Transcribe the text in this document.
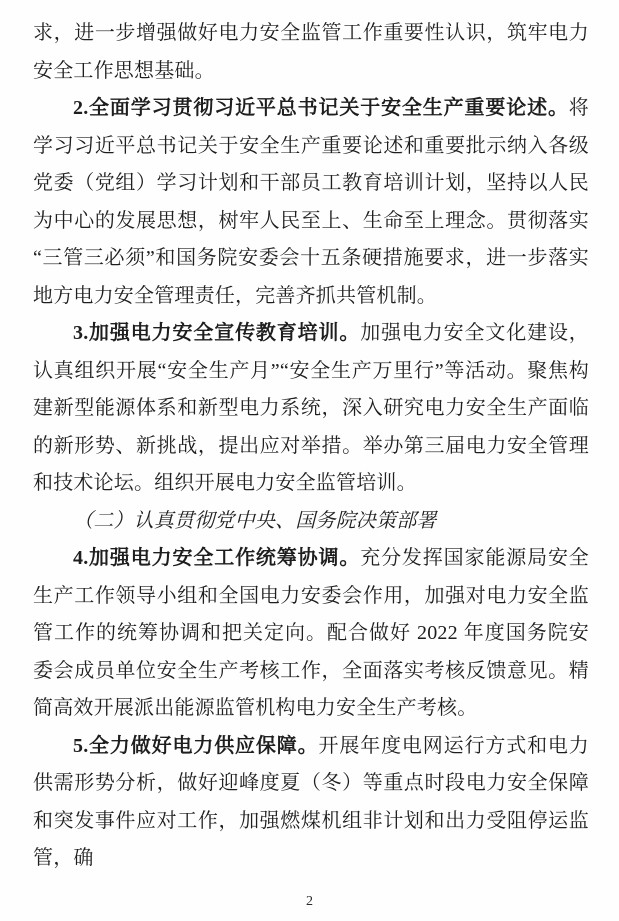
求，进一步增强做好电力安全监管工作重要性认识，筑牢电力安全工作思想基础。

2.全面学习贯彻习近平总书记关于安全生产重要论述。将学习习近平总书记关于安全生产重要论述和重要批示纳入各级党委（党组）学习计划和干部员工教育培训计划，坚持以人民为中心的发展思想，树牢人民至上、生命至上理念。贯彻落实“三管三必须”和国务院安委会十五条硬措施要求，进一步落实地方电力安全管理责任，完善齐抓共管机制。

3.加强电力安全宣传教育培训。加强电力安全文化建设，认真组织开展“安全生产月”“安全生产万里行”等活动。聚焦构建新型能源体系和新型电力系统，深入研究电力安全生产面临的新形势、新挑战，提出应对举措。举办第三届电力安全管理和技术论坛。组织开展电力安全监管培训。

（二）认真贯彻党中央、国务院决策部署

4.加强电力安全工作统筹协调。充分发挥国家能源局安全生产工作领导小组和全国电力安委会作用，加强对电力安全监管工作的统筹协调和把关定向。配合做好 2022 年度国务院安委会成员单位安全生产考核工作，全面落实考核反馈意见。精简高效开展派出能源监管机构电力安全生产考核。

5.全力做好电力供应保障。开展年度电网运行方式和电力供需形势分析，做好迎峰度夏（冬）等重点时段电力安全保障和突发事件应对工作，加强燃煤机组非计划和出力受阻停运监管，确

2
